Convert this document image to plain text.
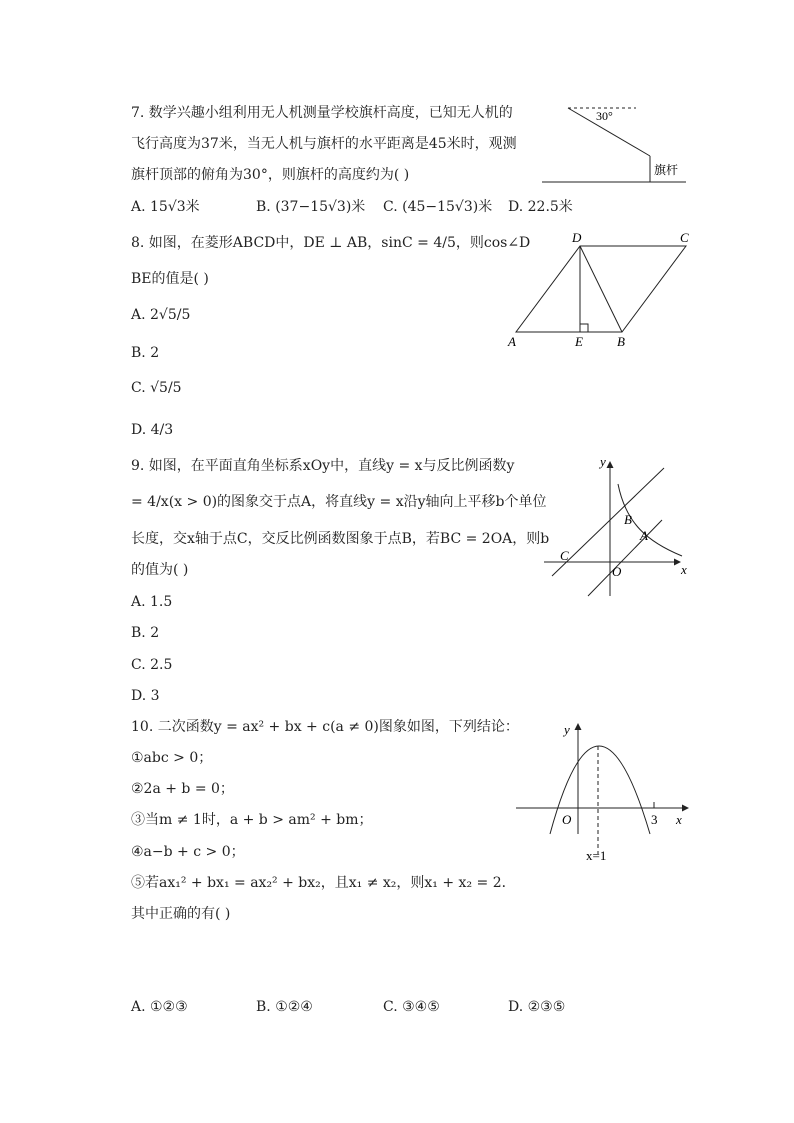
7. 数学兴趣小组利用无人机测量学校旗杆高度，已知无人机的
飞行高度为37米，当无人机与旗杆的水平距离是45米时，观测
旗杆顶部的俯角为30°，则旗杆的高度约为( )
A. 15√3米	B. (37−15√3)米 C. (45−15√3)米 D. 22.5米
30°
旗杆
8. 如图，在菱形ABCD中，DE ⊥ AB，sinC = 4/5，则cos∠D
BE的值是( )
A. 2√5/5
B. 2
C. √5/5
D. 4/3
A	E	B
D	C
9. 如图，在平面直角坐标系xOy中，直线y = x与反比例函数y
= 4/x(x > 0)的图象交于点A，将直线y = x沿y轴向上平移b个单位
长度，交x轴于点C，交反比例函数图象于点B，若BC = 2OA，则b
的值为( )
A. 1.5
B. 2
C. 2.5
D. 3
y
x
O
A
B
C
10. 二次函数y = ax² + bx + c(a ≠ 0)图象如图，下列结论：
①abc > 0；
②2a + b = 0；
③当m ≠ 1时，a + b > am² + bm；
④a−b + c > 0；
⑤若ax₁² + bx₁ = ax₂² + bx₂，且x₁ ≠ x₂，则x₁ + x₂ = 2．
其中正确的有( )
A. ①②③	B. ①②④	C. ③④⑤	D. ②③⑤
y
x
O	3
x=1
